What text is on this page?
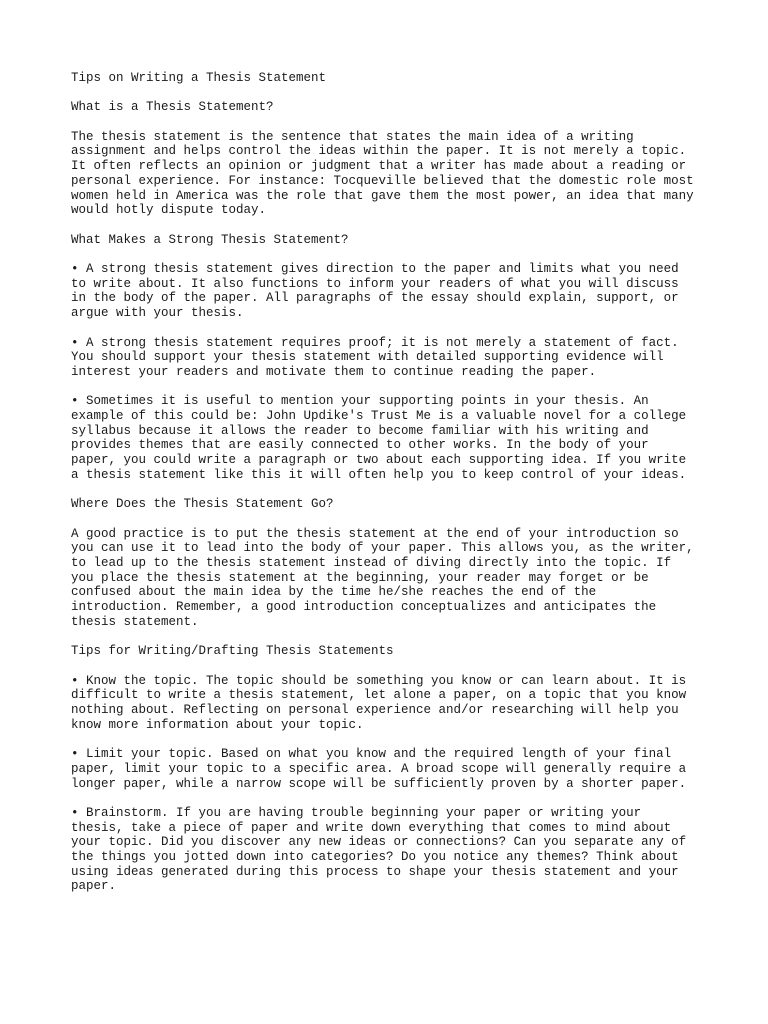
Tips on Writing a Thesis Statement
What is a Thesis Statement?
The thesis statement is the sentence that states the main idea of a writing
assignment and helps control the ideas within the paper. It is not merely a topic.
It often reflects an opinion or judgment that a writer has made about a reading or
personal experience. For instance: Tocqueville believed that the domestic role most
women held in America was the role that gave them the most power, an idea that many
would hotly dispute today.
What Makes a Strong Thesis Statement?
• A strong thesis statement gives direction to the paper and limits what you need
to write about. It also functions to inform your readers of what you will discuss
in the body of the paper. All paragraphs of the essay should explain, support, or
argue with your thesis.
• A strong thesis statement requires proof; it is not merely a statement of fact.
You should support your thesis statement with detailed supporting evidence will
interest your readers and motivate them to continue reading the paper.
• Sometimes it is useful to mention your supporting points in your thesis. An
example of this could be: John Updike's Trust Me is a valuable novel for a college
syllabus because it allows the reader to become familiar with his writing and
provides themes that are easily connected to other works. In the body of your
paper, you could write a paragraph or two about each supporting idea. If you write
a thesis statement like this it will often help you to keep control of your ideas.
Where Does the Thesis Statement Go?
A good practice is to put the thesis statement at the end of your introduction so
you can use it to lead into the body of your paper. This allows you, as the writer,
to lead up to the thesis statement instead of diving directly into the topic. If
you place the thesis statement at the beginning, your reader may forget or be
confused about the main idea by the time he/she reaches the end of the
introduction. Remember, a good introduction conceptualizes and anticipates the
thesis statement.
Tips for Writing/Drafting Thesis Statements
• Know the topic. The topic should be something you know or can learn about. It is
difficult to write a thesis statement, let alone a paper, on a topic that you know
nothing about. Reflecting on personal experience and/or researching will help you
know more information about your topic.
• Limit your topic. Based on what you know and the required length of your final
paper, limit your topic to a specific area. A broad scope will generally require a
longer paper, while a narrow scope will be sufficiently proven by a shorter paper.
• Brainstorm. If you are having trouble beginning your paper or writing your
thesis, take a piece of paper and write down everything that comes to mind about
your topic. Did you discover any new ideas or connections? Can you separate any of
the things you jotted down into categories? Do you notice any themes? Think about
using ideas generated during this process to shape your thesis statement and your
paper.
